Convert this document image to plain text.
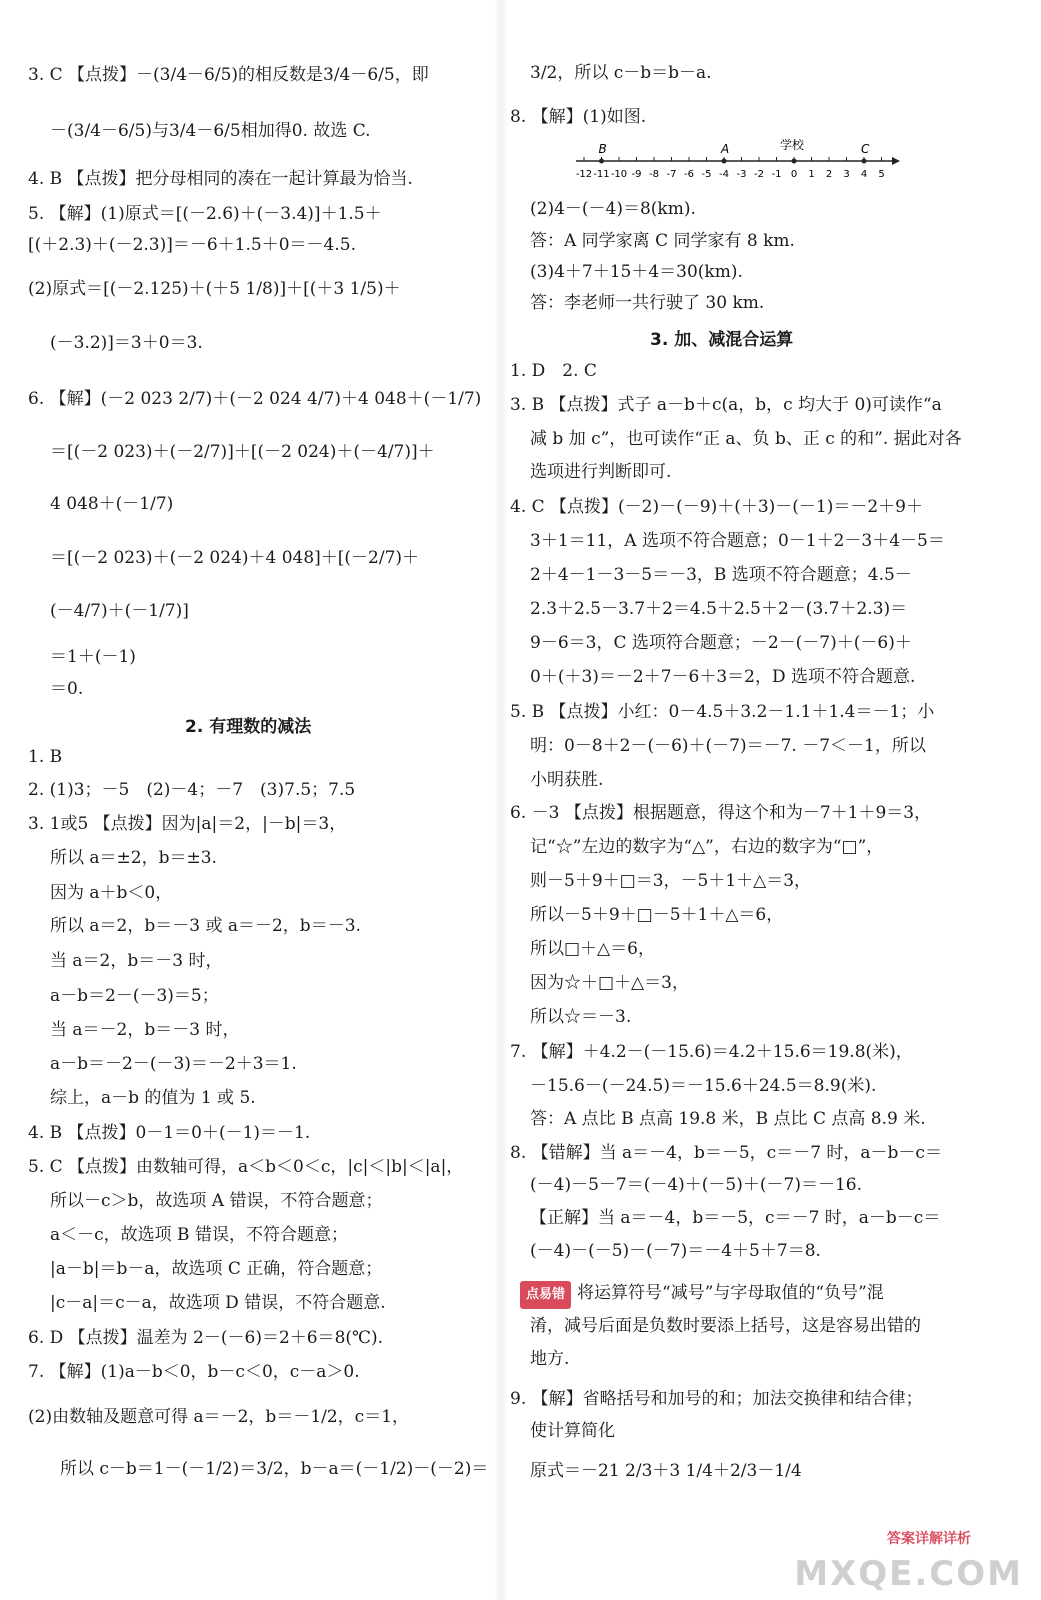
3. C 【点拨】－(3/4－6/5)的相反数是3/4－6/5，即
－(3/4－6/5)与3/4－6/5相加得0. 故选 C.
4. B 【点拨】把分母相同的凑在一起计算最为恰当.
5. 【解】(1)原式＝[(－2.6)＋(－3.4)]＋1.5＋
[(＋2.3)＋(－2.3)]＝－6＋1.5＋0＝－4.5.
(2)原式＝[(－2.125)＋(＋5 1/8)]＋[(＋3 1/5)＋
(－3.2)]＝3＋0＝3.
6. 【解】(－2 023 2/7)＋(－2 024 4/7)＋4 048＋(－1/7)
＝[(－2 023)＋(－2/7)]＋[(－2 024)＋(－4/7)]＋
4 048＋(－1/7)
＝[(－2 023)＋(－2 024)＋4 048]＋[(－2/7)＋
(－4/7)＋(－1/7)]
＝1＋(－1)
＝0.
2. 有理数的减法
1. B
2. (1)3；－5　(2)－4；－7　(3)7.5；7.5
3. 1或5 【点拨】因为|a|＝2，|－b|＝3，
所以 a＝±2，b＝±3.
因为 a＋b＜0，
所以 a＝2，b＝－3 或 a＝－2，b＝－3.
当 a＝2，b＝－3 时，
a－b＝2－(－3)＝5；
当 a＝－2，b＝－3 时，
a－b＝－2－(－3)＝－2＋3＝1.
综上，a－b 的值为 1 或 5.
4. B 【点拨】0－1＝0＋(－1)＝－1.
5. C 【点拨】由数轴可得，a＜b＜0＜c，|c|＜|b|＜|a|，
所以－c＞b，故选项 A 错误，不符合题意；
a＜－c，故选项 B 错误，不符合题意；
|a－b|＝b－a，故选项 C 正确，符合题意；
|c－a|＝c－a，故选项 D 错误，不符合题意.
6. D 【点拨】温差为 2－(－6)＝2＋6＝8(℃).
7. 【解】(1)a－b＜0，b－c＜0，c－a＞0.
(2)由数轴及题意可得 a＝－2，b＝－1/2，c＝1，
所以 c－b＝1－(－1/2)＝3/2，b－a＝(－1/2)－(－2)＝
3/2，所以 c－b＝b－a.
8. 【解】(1)如图.
-12 -11 -10 -9 -8 -7 -6 -5 -4 -3 -2 -1 0 1 2 3 4 5
B	A	学校	C
(2)4－(－4)＝8(km).
答：A 同学家离 C 同学家有 8 km.
(3)4＋7＋15＋4＝30(km).
答：李老师一共行驶了 30 km.
3. 加、减混合运算
1. D　2. C
3. B 【点拨】式子 a－b＋c(a，b，c 均大于 0)可读作“a
减 b 加 c”，也可读作“正 a、负 b、正 c 的和”. 据此对各
选项进行判断即可.
4. C 【点拨】(－2)－(－9)＋(＋3)－(－1)＝－2＋9＋
3＋1＝11，A 选项不符合题意；0－1＋2－3＋4－5＝
2＋4－1－3－5＝－3，B 选项不符合题意；4.5－
2.3＋2.5－3.7＋2＝4.5＋2.5＋2－(3.7＋2.3)＝
9－6＝3，C 选项符合题意；－2－(－7)＋(－6)＋
0＋(＋3)＝－2＋7－6＋3＝2，D 选项不符合题意.
5. B 【点拨】小红：0－4.5＋3.2－1.1＋1.4＝－1；小
明：0－8＋2－(－6)＋(－7)＝－7. －7＜－1，所以
小明获胜.
6. －3 【点拨】根据题意，得这个和为－7＋1＋9＝3，
记“☆”左边的数字为“△”，右边的数字为“□”，
则－5＋9＋□＝3，－5＋1＋△＝3，
所以－5＋9＋□－5＋1＋△＝6，
所以□＋△＝6，
因为☆＋□＋△＝3，
所以☆＝－3.
7. 【解】＋4.2－(－15.6)＝4.2＋15.6＝19.8(米)，
－15.6－(－24.5)＝－15.6＋24.5＝8.9(米).
答：A 点比 B 点高 19.8 米，B 点比 C 点高 8.9 米.
8. 【错解】当 a＝－4，b＝－5，c＝－7 时，a－b－c＝
(－4)－5－7＝(－4)＋(－5)＋(－7)＝－16.
【正解】当 a＝－4，b＝－5，c＝－7 时，a－b－c＝
(－4)－(－5)－(－7)＝－4＋5＋7＝8.
点易错 将运算符号“减号”与字母取值的“负号”混
淆，减号后面是负数时要添上括号，这是容易出错的
地方.
9. 【解】省略括号和加号的和；加法交换律和结合律；
使计算简化
原式＝－21 2/3＋3 1/4＋2/3－1/4
答案详解详析
MXQE.COM
